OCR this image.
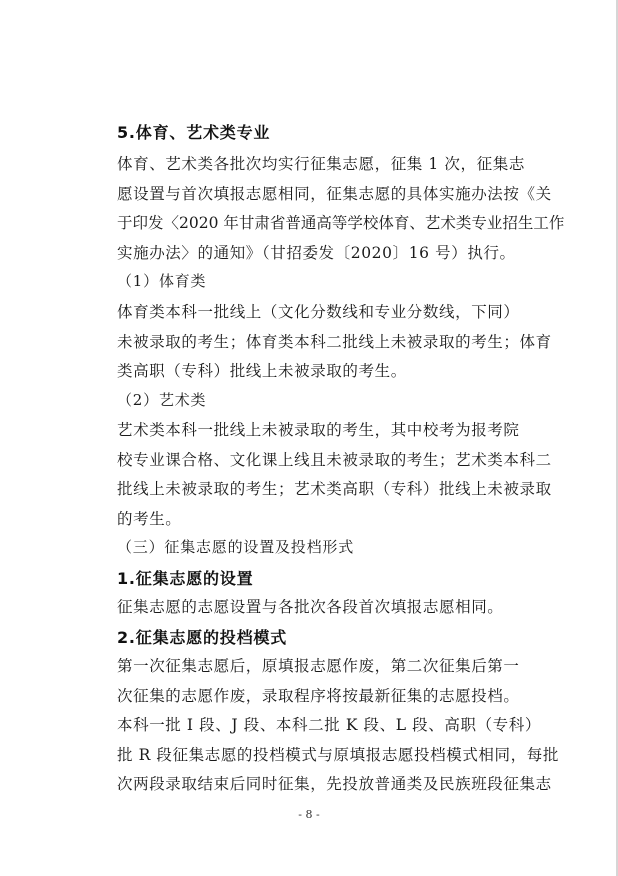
5.体育、艺术类专业
体育、艺术类各批次均实行征集志愿，征集 1 次，征集志
愿设置与首次填报志愿相同，征集志愿的具体实施办法按《关
于印发〈2020 年甘肃省普通高等学校体育、艺术类专业招生工作
实施办法〉的通知》（甘招委发〔2020〕16 号）执行。
（1）体育类
体育类本科一批线上（文化分数线和专业分数线，下同）
未被录取的考生；体育类本科二批线上未被录取的考生；体育
类高职（专科）批线上未被录取的考生。
（2）艺术类
艺术类本科一批线上未被录取的考生，其中校考为报考院
校专业课合格、文化课上线且未被录取的考生；艺术类本科二
批线上未被录取的考生；艺术类高职（专科）批线上未被录取
的考生。
（三）征集志愿的设置及投档形式
1.征集志愿的设置
征集志愿的志愿设置与各批次各段首次填报志愿相同。
2.征集志愿的投档模式
第一次征集志愿后，原填报志愿作废，第二次征集后第一
次征集的志愿作废，录取程序将按最新征集的志愿投档。
本科一批 I 段、J 段、本科二批 K 段、L 段、高职（专科）
批 R 段征集志愿的投档模式与原填报志愿投档模式相同，每批
次两段录取结束后同时征集，先投放普通类及民族班段征集志
- 8 -
